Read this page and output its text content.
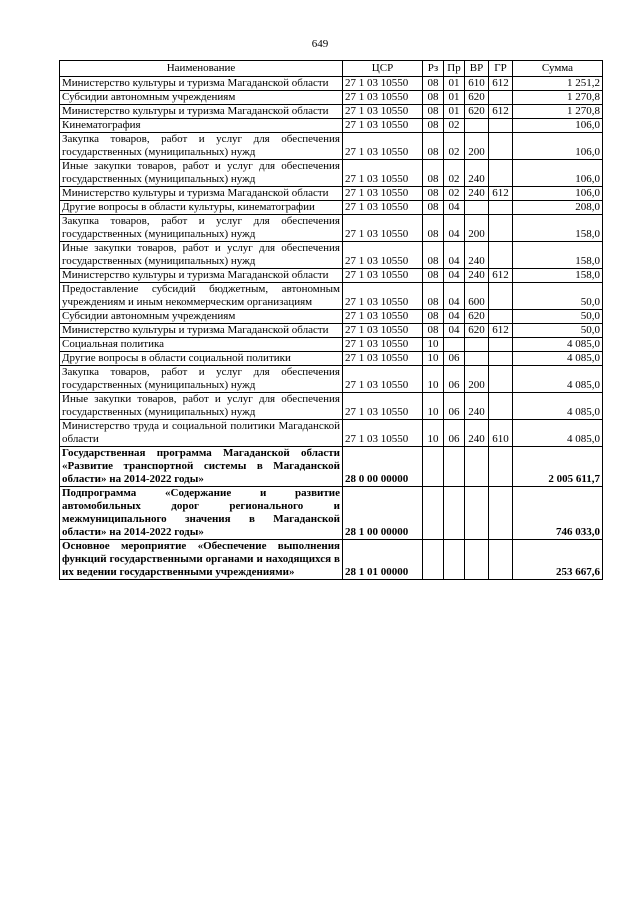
649
Наименование	ЦСР	Рз	Пр	ВР	ГР	Сумма
Министерство культуры и туризма Магаданской области	27 1 03 10550	08	01	610	612	1 251,2
Субсидии автономным учреждениям	27 1 03 10550	08	01	620		1 270,8
Министерство культуры и туризма Магаданской области	27 1 03 10550	08	01	620	612	1 270,8
Кинематография	27 1 03 10550	08	02			106,0
Закупка товаров, работ и услуг для обеспечения государственных (муниципальных) нужд	27 1 03 10550	08	02	200		106,0
Иные закупки товаров, работ и услуг для обеспечения государственных (муниципальных) нужд	27 1 03 10550	08	02	240		106,0
Министерство культуры и туризма Магаданской области	27 1 03 10550	08	02	240	612	106,0
Другие вопросы в области культуры, кинематографии	27 1 03 10550	08	04			208,0
Закупка товаров, работ и услуг для обеспечения государственных (муниципальных) нужд	27 1 03 10550	08	04	200		158,0
Иные закупки товаров, работ и услуг для обеспечения государственных (муниципальных) нужд	27 1 03 10550	08	04	240		158,0
Министерство культуры и туризма Магаданской области	27 1 03 10550	08	04	240	612	158,0
Предоставление субсидий бюджетным, автономным учреждениям и иным некоммерческим организациям	27 1 03 10550	08	04	600		50,0
Субсидии автономным учреждениям	27 1 03 10550	08	04	620		50,0
Министерство культуры и туризма Магаданской области	27 1 03 10550	08	04	620	612	50,0
Социальная политика	27 1 03 10550	10				4 085,0
Другие вопросы в области социальной политики	27 1 03 10550	10	06			4 085,0
Закупка товаров, работ и услуг для обеспечения государственных (муниципальных) нужд	27 1 03 10550	10	06	200		4 085,0
Иные закупки товаров, работ и услуг для обеспечения государственных (муниципальных) нужд	27 1 03 10550	10	06	240		4 085,0
Министерство труда и социальной политики Магаданской области	27 1 03 10550	10	06	240	610	4 085,0
Государственная программа Магаданской области «Развитие транспортной системы в Магаданской области» на 2014-2022 годы»	28 0 00 00000					2 005 611,7
Подпрограмма «Содержание и развитие автомобильных дорог регионального и межмуниципального значения в Магаданской области» на 2014-2022 годы»	28 1 00 00000					746 033,0
Основное мероприятие «Обеспечение выполнения функций государственными органами и находящихся в их ведении государственными учреждениями»	28 1 01 00000					253 667,6
